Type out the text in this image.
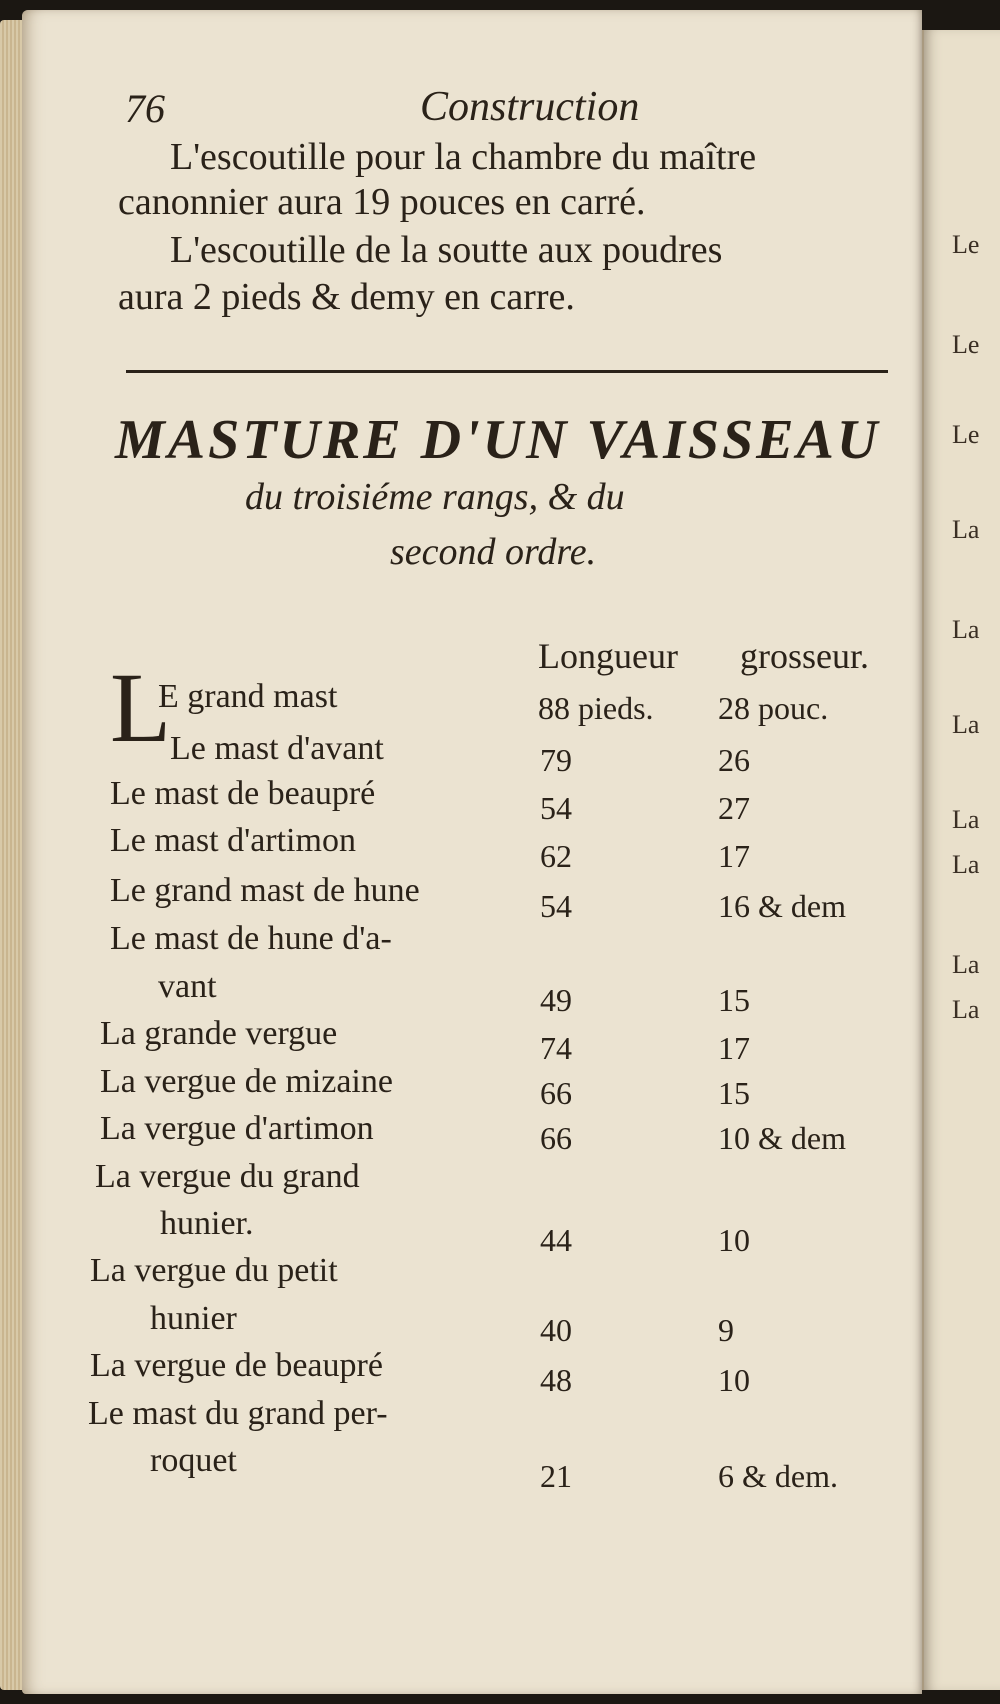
76	Construction
L'escoutille pour la chambre du maître
canonnier aura 19 pouces en carré.
L'escoutille de la soutte aux poudres
aura 2 pieds & demy en carre.
MASTURE D'UN VAISSEAU
du troisiéme rangs, & du
second ordre.
Longueur grosseur.
L
E grand mast	88 pieds. 28 pouc.
Le mast d'avant	79	26
Le mast de beaupré	54	27
Le mast d'artimon	62	17
Le grand mast de hune	54	16 & dem
Le mast de hune d'a-
vant	49	15
La grande vergue	74	17
La vergue de mizaine	66	15
La vergue d'artimon	66	10 & dem
La vergue du grand
hunier.	44	10
La vergue du petit
hunier	40	9
La vergue de beaupré	48	10
Le mast du grand per-
roquet	21	6 & dem.
Le
Le
Le
La
La
La
La
La
La
La
